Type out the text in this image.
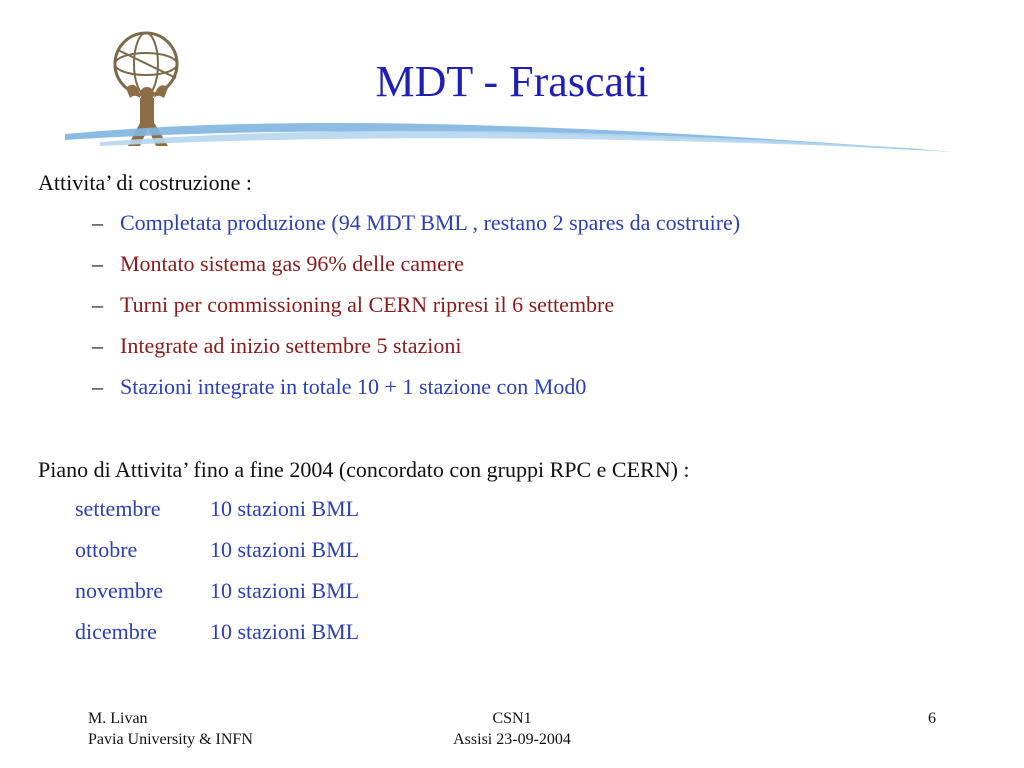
MDT - Frascati
Attivita’ di costruzione :
– Completata produzione (94 MDT BML , restano 2 spares da costruire)
– Montato sistema gas 96% delle camere
– Turni per commissioning al CERN ripresi il 6 settembre
– Integrate ad inizio settembre 5 stazioni
– Stazioni integrate in totale 10 + 1 stazione con Mod0
Piano di Attivita’ fino a fine 2004 (concordato con gruppi RPC e CERN) :
settembre 10 stazioni BML
ottobre	10 stazioni BML
novembre 10 stazioni BML
dicembre 10 stazioni BML
M. Livan
Pavia University & INFN
CSN1
Assisi 23-09-2004
6
